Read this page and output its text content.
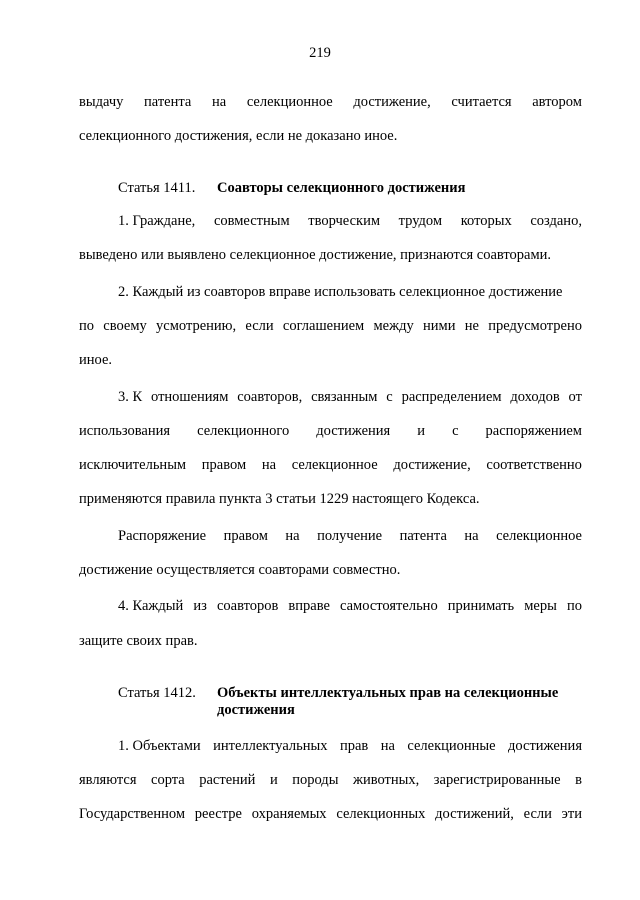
219
выдачу патента на селекционное достижение, считается автором
селекционного достижения, если не доказано иное.
Статья 1411. Соавторы селекционного достижения
1. Граждане, совместным творческим трудом которых создано,
выведено или выявлено селекционное достижение, признаются соавторами.
2. Каждый из соавторов вправе использовать селекционное достижение
по своему усмотрению, если соглашением между ними не предусмотрено
иное.
3. К отношениям соавторов, связанным с распределением доходов от
использования селекционного достижения и с распоряжением
исключительным правом на селекционное достижение, соответственно
применяются правила пункта 3 статьи 1229 настоящего Кодекса.
Распоряжение правом на получение патента на селекционное
достижение осуществляется соавторами совместно.
4. Каждый из соавторов вправе самостоятельно принимать меры по
защите своих прав.
Статья 1412. Объекты интеллектуальных прав на селекционные достижения
1. Объектами интеллектуальных прав на селекционные достижения
являются сорта растений и породы животных, зарегистрированные в
Государственном реестре охраняемых селекционных достижений, если эти
